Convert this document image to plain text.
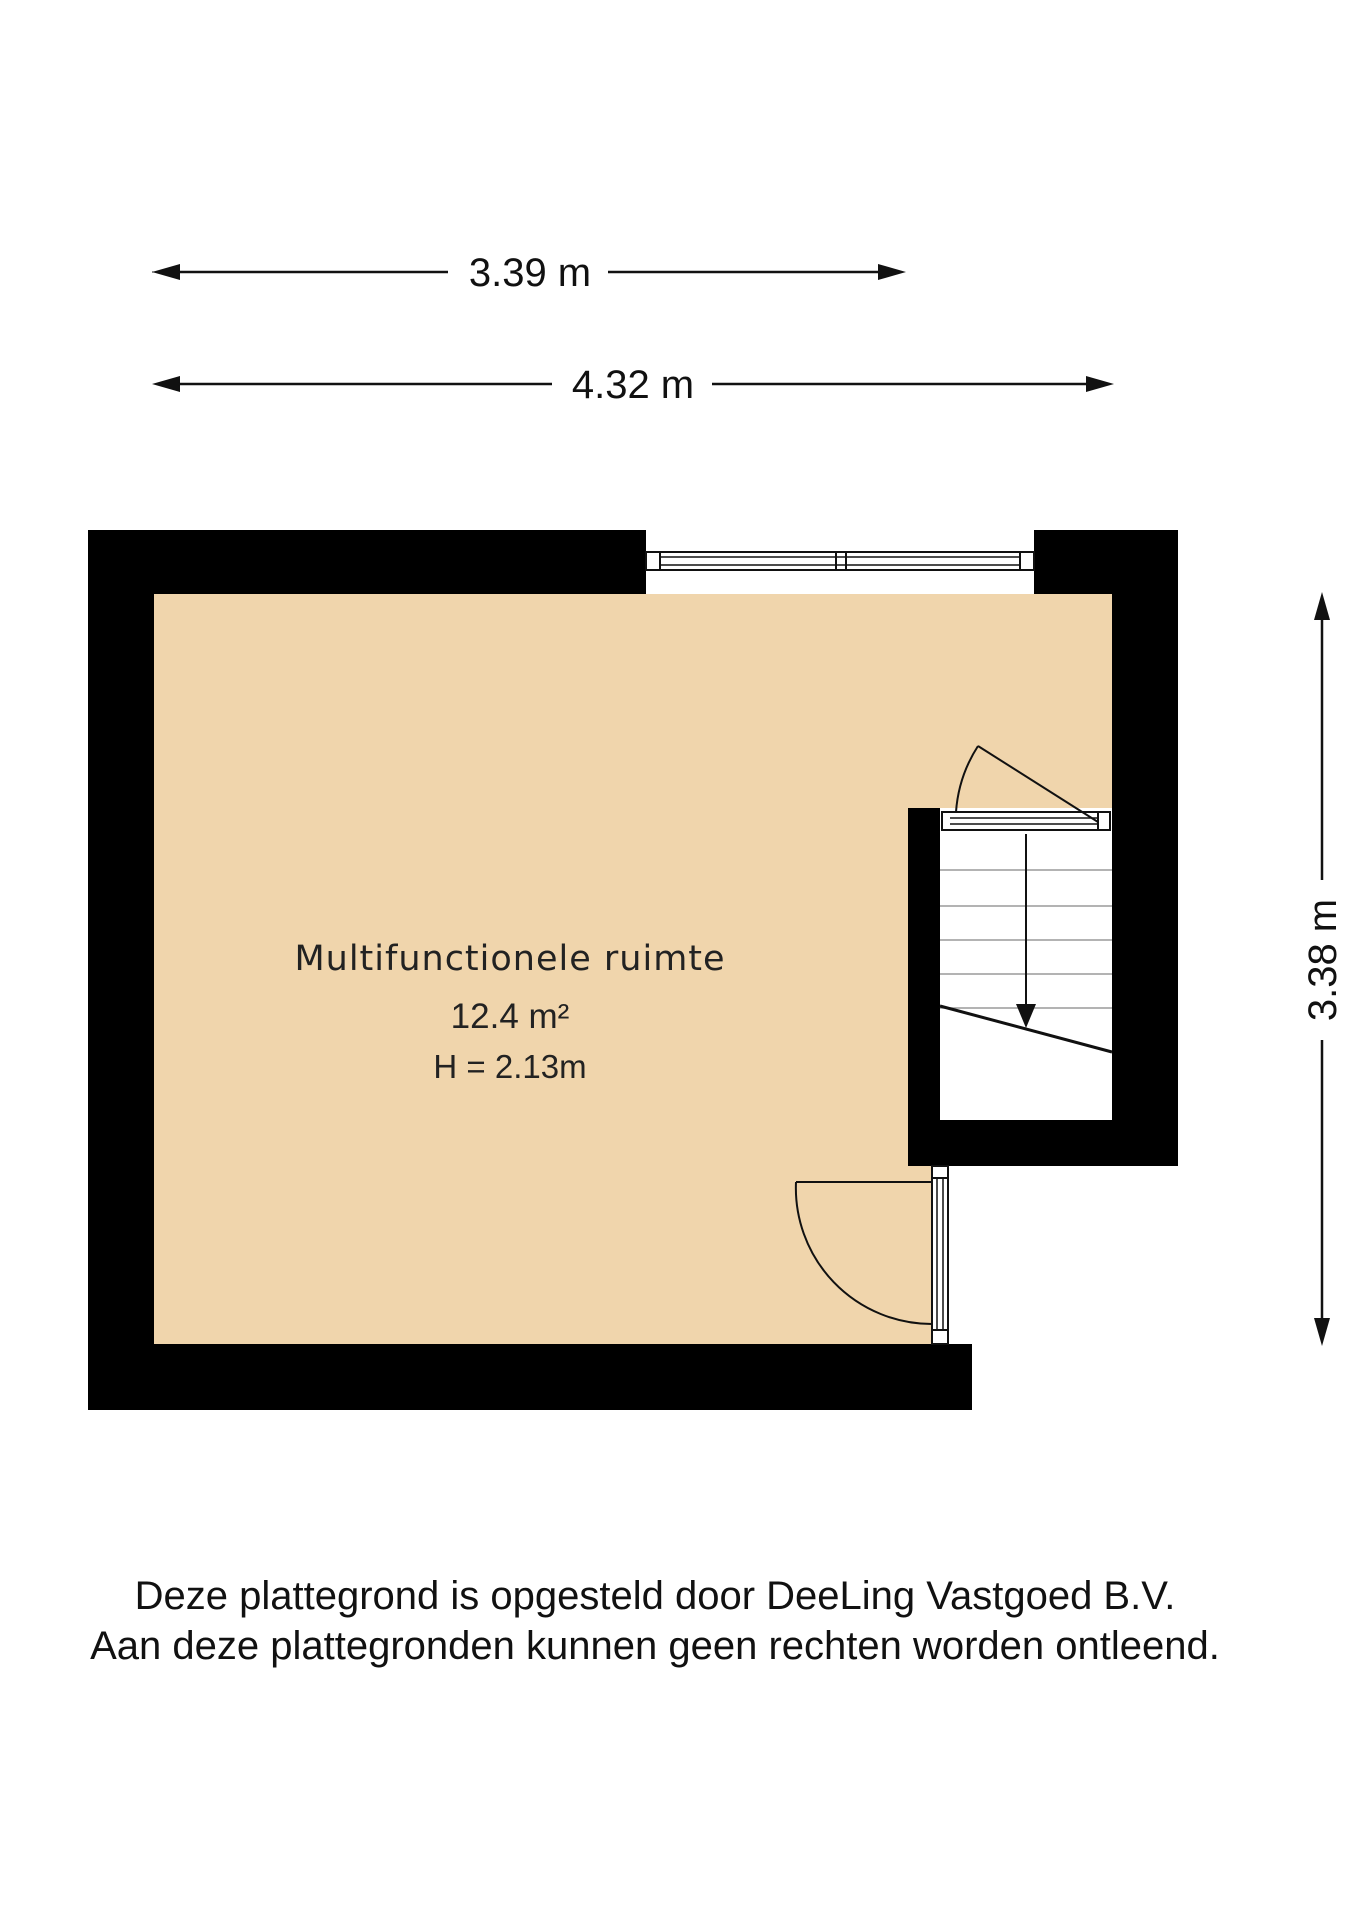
3.39 m
4.32 m
3.38 m
Multifunctionele ruimte
12.4 m²
H = 2.13m
Deze plattegrond is opgesteld door DeeLing Vastgoed B.V.
Aan deze plattegronden kunnen geen rechten worden ontleend.
